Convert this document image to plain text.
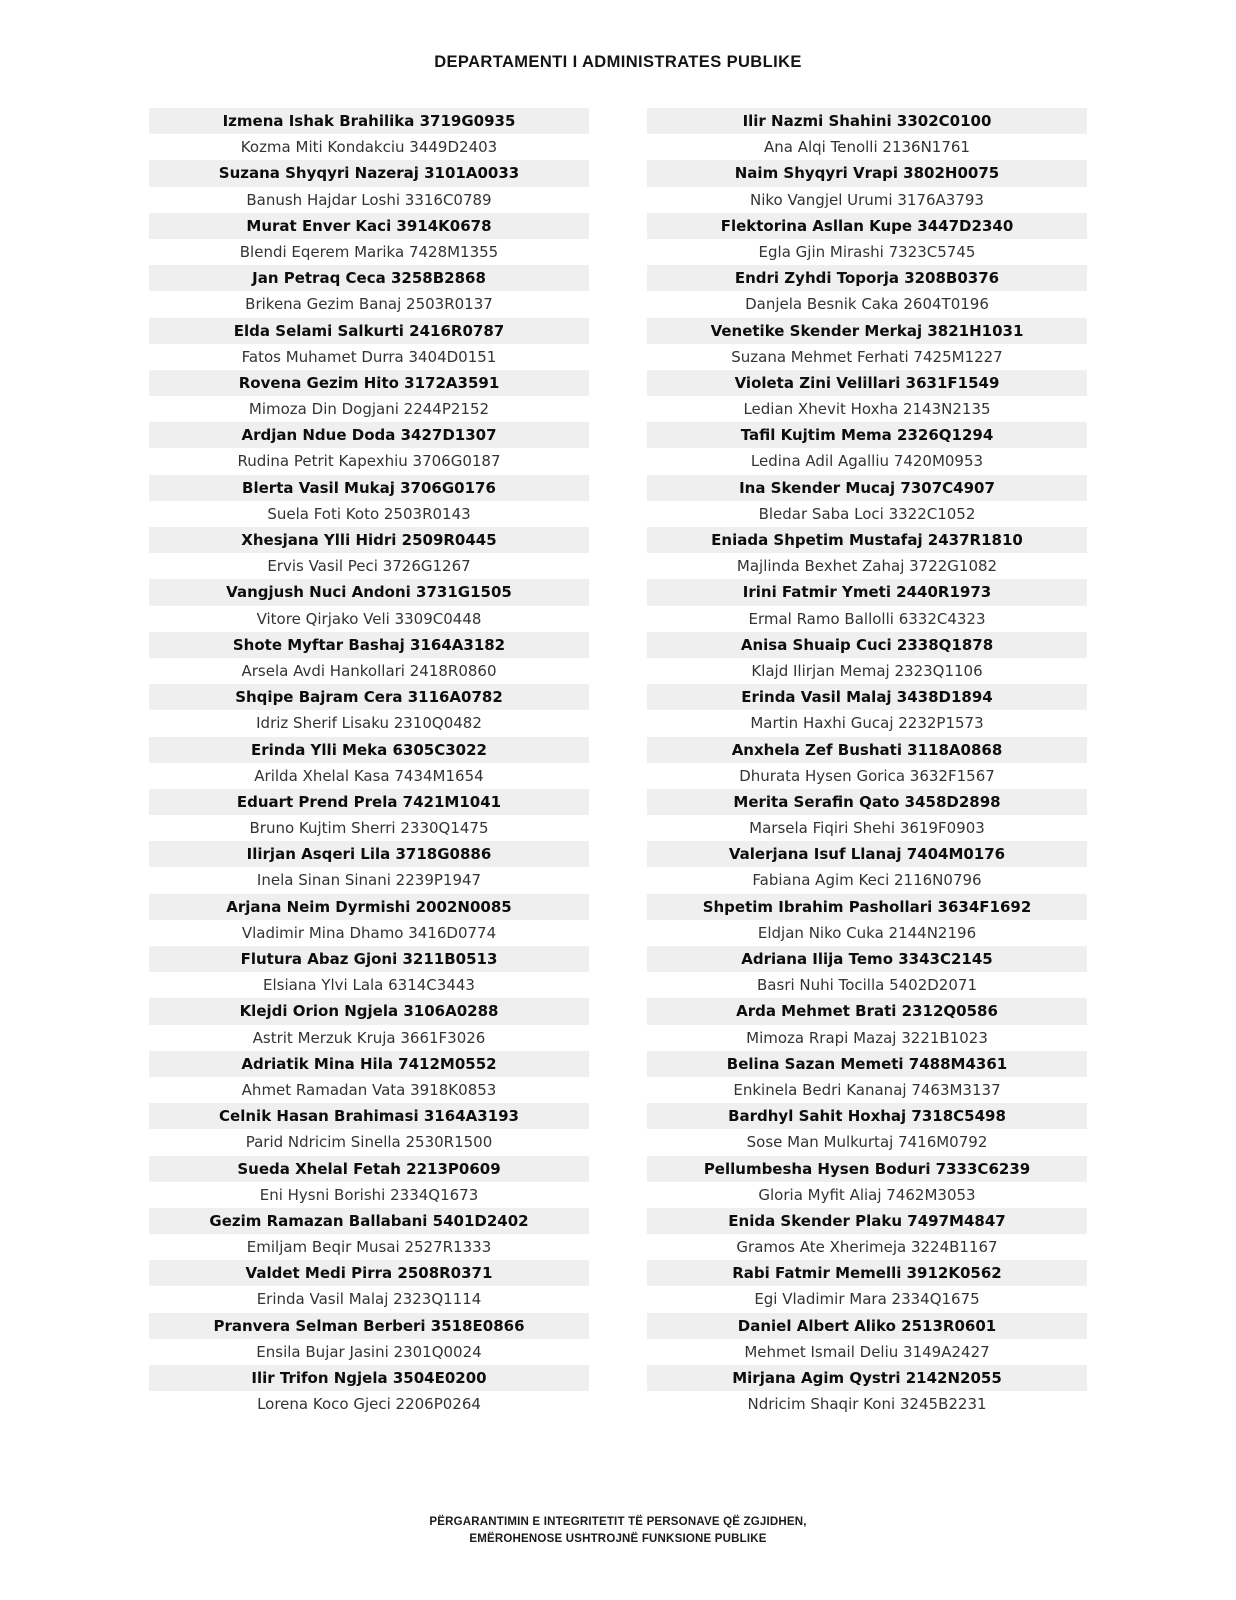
DEPARTAMENTI I ADMINISTRATES PUBLIKE
Izmena Ishak Brahilika 3719G0935
Kozma Miti Kondakciu 3449D2403
Suzana Shyqyri Nazeraj 3101A0033
Banush Hajdar Loshi 3316C0789
Murat Enver Kaci 3914K0678
Blendi Eqerem Marika 7428M1355
Jan Petraq Ceca 3258B2868
Brikena Gezim Banaj 2503R0137
Elda Selami Salkurti 2416R0787
Fatos Muhamet Durra 3404D0151
Rovena Gezim Hito 3172A3591
Mimoza Din Dogjani 2244P2152
Ardjan Ndue Doda 3427D1307
Rudina Petrit Kapexhiu 3706G0187
Blerta Vasil Mukaj 3706G0176
Suela Foti Koto 2503R0143
Xhesjana Ylli Hidri 2509R0445
Ervis Vasil Peci 3726G1267
Vangjush Nuci Andoni 3731G1505
Vitore Qirjako Veli 3309C0448
Shote Myftar Bashaj 3164A3182
Arsela Avdi Hankollari 2418R0860
Shqipe Bajram Cera 3116A0782
Idriz Sherif Lisaku 2310Q0482
Erinda Ylli Meka 6305C3022
Arilda Xhelal Kasa 7434M1654
Eduart Prend Prela 7421M1041
Bruno Kujtim Sherri 2330Q1475
Ilirjan Asqeri Lila 3718G0886
Inela Sinan Sinani 2239P1947
Arjana Neim Dyrmishi 2002N0085
Vladimir Mina Dhamo 3416D0774
Flutura Abaz Gjoni 3211B0513
Elsiana Ylvi Lala 6314C3443
Klejdi Orion Ngjela 3106A0288
Astrit Merzuk Kruja 3661F3026
Adriatik Mina Hila 7412M0552
Ahmet Ramadan Vata 3918K0853
Celnik Hasan Brahimasi 3164A3193
Parid Ndricim Sinella 2530R1500
Sueda Xhelal Fetah 2213P0609
Eni Hysni Borishi 2334Q1673
Gezim Ramazan Ballabani 5401D2402
Emiljam Beqir Musai 2527R1333
Valdet Medi Pirra 2508R0371
Erinda Vasil Malaj 2323Q1114
Pranvera Selman Berberi 3518E0866
Ensila Bujar Jasini 2301Q0024
Ilir Trifon Ngjela 3504E0200
Lorena Koco Gjeci 2206P0264
Ilir Nazmi Shahini 3302C0100
Ana Alqi Tenolli 2136N1761
Naim Shyqyri Vrapi 3802H0075
Niko Vangjel Urumi 3176A3793
Flektorina Asllan Kupe 3447D2340
Egla Gjin Mirashi 7323C5745
Endri Zyhdi Toporja 3208B0376
Danjela Besnik Caka 2604T0196
Venetike Skender Merkaj 3821H1031
Suzana Mehmet Ferhati 7425M1227
Violeta Zini Velillari 3631F1549
Ledian Xhevit Hoxha 2143N2135
Tafil Kujtim Mema 2326Q1294
Ledina Adil Agalliu 7420M0953
Ina Skender Mucaj 7307C4907
Bledar Saba Loci 3322C1052
Eniada Shpetim Mustafaj 2437R1810
Majlinda Bexhet Zahaj 3722G1082
Irini Fatmir Ymeti 2440R1973
Ermal Ramo Ballolli 6332C4323
Anisa Shuaip Cuci 2338Q1878
Klajd Ilirjan Memaj 2323Q1106
Erinda Vasil Malaj 3438D1894
Martin Haxhi Gucaj 2232P1573
Anxhela Zef Bushati 3118A0868
Dhurata Hysen Gorica 3632F1567
Merita Serafin Qato 3458D2898
Marsela Fiqiri Shehi 3619F0903
Valerjana Isuf Llanaj 7404M0176
Fabiana Agim Keci 2116N0796
Shpetim Ibrahim Pashollari 3634F1692
Eldjan Niko Cuka 2144N2196
Adriana Ilija Temo 3343C2145
Basri Nuhi Tocilla 5402D2071
Arda Mehmet Brati 2312Q0586
Mimoza Rrapi Mazaj 3221B1023
Belina Sazan Memeti 7488M4361
Enkinela Bedri Kananaj 7463M3137
Bardhyl Sahit Hoxhaj 7318C5498
Sose Man Mulkurtaj 7416M0792
Pellumbesha Hysen Boduri 7333C6239
Gloria Myfit Aliaj 7462M3053
Enida Skender Plaku 7497M4847
Gramos Ate Xherimeja 3224B1167
Rabi Fatmir Memelli 3912K0562
Egi Vladimir Mara 2334Q1675
Daniel Albert Aliko 2513R0601
Mehmet Ismail Deliu 3149A2427
Mirjana Agim Qystri 2142N2055
Ndricim Shaqir Koni 3245B2231
PËRGARANTIMIN E INTEGRITETIT TË PERSONAVE QË ZGJIDHEN,
EMËROHENOSE USHTROJNË FUNKSIONE PUBLIKE
